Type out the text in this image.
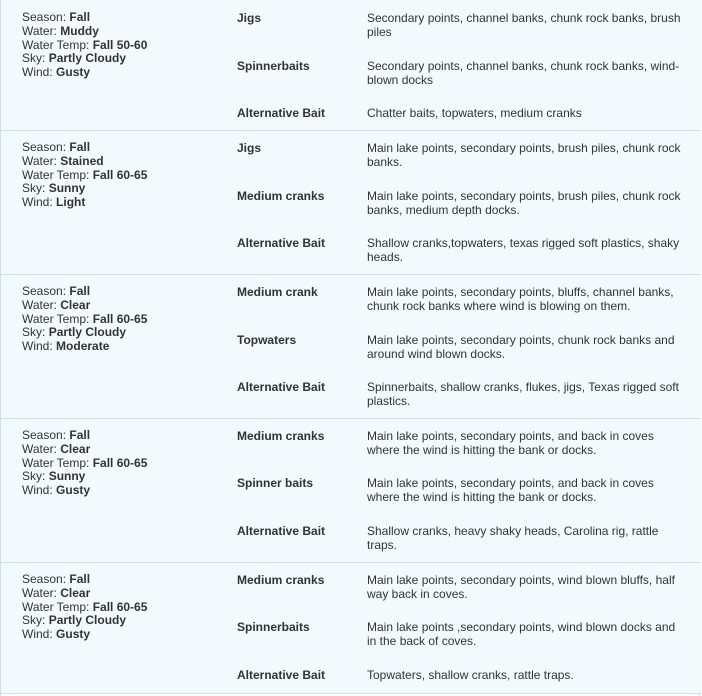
Season: Fall
Water: Muddy
Water Temp: Fall 50-60
Sky: Partly Cloudy
Wind: Gusty
Jigs	Secondary points, channel banks, chunk rock banks, brush piles
Spinnerbaits	Secondary points, channel banks, chunk rock banks, wind-blown docks
Alternative Bait	Chatter baits, topwaters, medium cranks
Season: Fall
Water: Stained
Water Temp: Fall 60-65
Sky: Sunny
Wind: Light
Jigs	Main lake points, secondary points, brush piles, chunk rock banks.
Medium cranks	Main lake points, secondary points, brush piles, chunk rock banks, medium depth docks.
Alternative Bait	Shallow cranks,topwaters, texas rigged soft plastics, shaky heads.
Season: Fall
Water: Clear
Water Temp: Fall 60-65
Sky: Partly Cloudy
Wind: Moderate
Medium crank	Main lake points, secondary points, bluffs, channel banks, chunk rock banks where wind is blowing on them.
Topwaters	Main lake points, secondary points, chunk rock banks and around wind blown docks.
Alternative Bait	Spinnerbaits, shallow cranks, flukes, jigs, Texas rigged soft plastics.
Season: Fall
Water: Clear
Water Temp: Fall 60-65
Sky: Sunny
Wind: Gusty
Medium cranks	Main lake points, secondary points, and back in coves where the wind is hitting the bank or docks.
Spinner baits	Main lake points, secondary points, and back in coves where the wind is hitting the bank or docks.
Alternative Bait	Shallow cranks, heavy shaky heads, Carolina rig, rattle traps.
Season: Fall
Water: Clear
Water Temp: Fall 60-65
Sky: Partly Cloudy
Wind: Gusty
Medium cranks	Main lake points, secondary points, wind blown bluffs, half way back in coves.
Spinnerbaits	Main lake points ,secondary points, wind blown docks and in the back of coves.
Alternative Bait	Topwaters, shallow cranks, rattle traps.
